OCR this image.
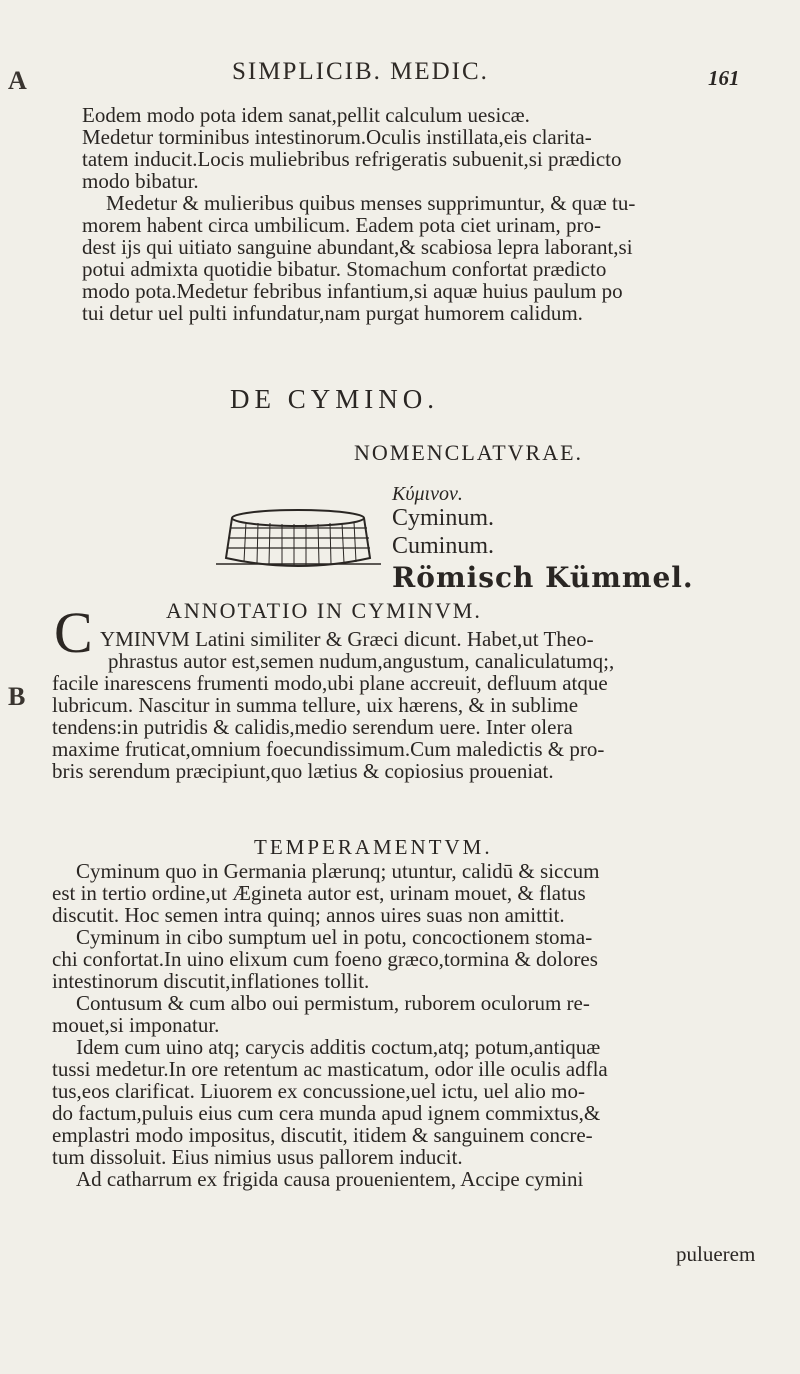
A
B
SIMPLICIB. MEDIC.	161
Eodem modo pota idem sanat,pellit calculum uesicæ.
Medetur torminibus intestinorum.Oculis instillata,eis clarita-
tatem inducit.Locis muliebribus refrigeratis subuenit,si prædicto
modo bibatur.
Medetur & mulieribus quibus menses supprimuntur, & quæ tu-
morem habent circa umbilicum. Eadem pota ciet urinam, pro-
dest ijs qui uitiato sanguine abundant,& scabiosa lepra laborant,si
potui admixta quotidie bibatur. Stomachum confortat prædicto
modo pota.Medetur febribus infantium,si aquæ huius paulum po
tui detur uel pulti infundatur,nam purgat humorem calidum.
DE CYMINO.
NOMENCLATVRAE.
Κύμινον.
Cyminum.
Cuminum.
Römisch Kümmel.
ANNOTATIO IN CYMINVM.
C YMINVM Latini similiter & Græci dicunt. Habet,ut Theo-
phrastus autor est,semen nudum,angustum, canaliculatumq;,
facile inarescens frumenti modo,ubi plane accreuit, defluum atque
lubricum. Nascitur in summa tellure, uix hærens, & in sublime
tendens:in putridis & calidis,medio serendum uere. Inter olera
maxime fruticat,omnium foecundissimum.Cum maledictis & pro-
bris serendum præcipiunt,quo lætius & copiosius proueniat.
TEMPERAMENTVM.
Cyminum quo in Germania plærunq; utuntur, calidū & siccum
est in tertio ordine,ut Æginetа autor est, urinam mouet, & flatus
discutit. Hoc semen intra quinq; annos uires suas non amittit.
Cyminum in cibo sumptum uel in potu, concoctionem stoma-
chi confortat.In uino elixum cum foeno græco,tormina & dolores
intestinorum discutit,inflationes tollit.
Contusum & cum albo oui permistum, ruborem oculorum re-
mouet,si imponatur.
Idem cum uino atq; carycis additis coctum,atq; potum,antiquæ
tussi medetur.In ore retentum ac masticatum, odor ille oculis adfla
tus,eos clarificat. Liuorem ex concussione,uel ictu, uel alio mo-
do factum,puluis eius cum cera munda apud ignem commixtus,&
emplastri modo impositus, discutit, itidem & sanguinem concre-
tum dissoluit. Eius nimius usus pallorem inducit.
Ad catharrum ex frigida causa prouenientem, Accipe cymini
puluerem
